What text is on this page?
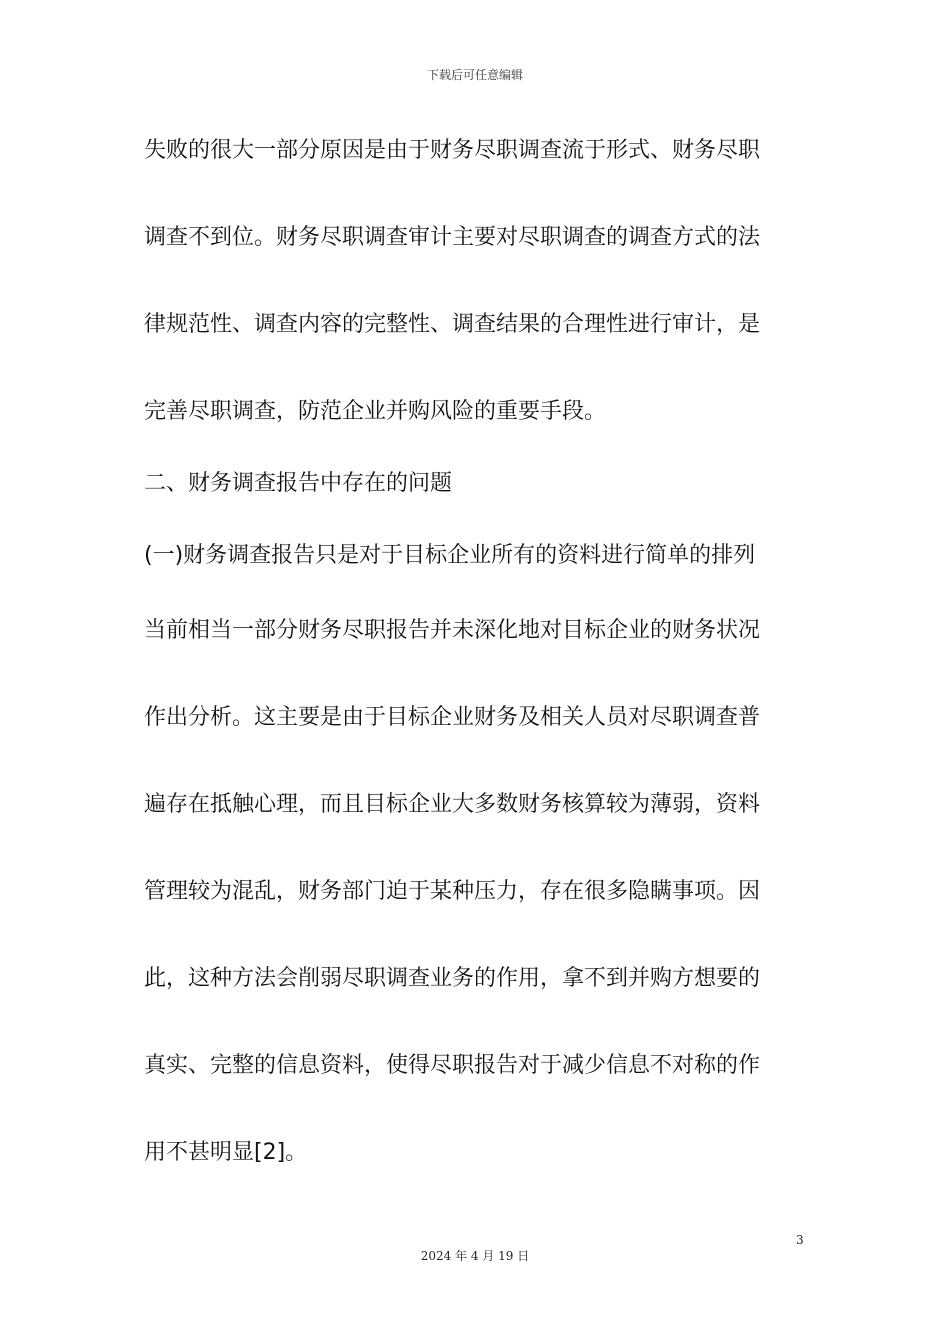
下载后可任意编辑
失败的很大一部分原因是由于财务尽职调查流于形式、财务尽职
调查不到位。财务尽职调查审计主要对尽职调查的调查方式的法
律规范性、调查内容的完整性、调查结果的合理性进行审计，是
完善尽职调查，防范企业并购风险的重要手段。
二、财务调查报告中存在的问题
(一)财务调查报告只是对于目标企业所有的资料进行简单的排列
当前相当一部分财务尽职报告并未深化地对目标企业的财务状况
作出分析。这主要是由于目标企业财务及相关人员对尽职调查普
遍存在抵触心理，而且目标企业大多数财务核算较为薄弱，资料
管理较为混乱，财务部门迫于某种压力，存在很多隐瞒事项。因
此，这种方法会削弱尽职调查业务的作用，拿不到并购方想要的
真实、完整的信息资料，使得尽职报告对于减少信息不对称的作
用不甚明显[2]。
3
2024 年 4 月 19 日
